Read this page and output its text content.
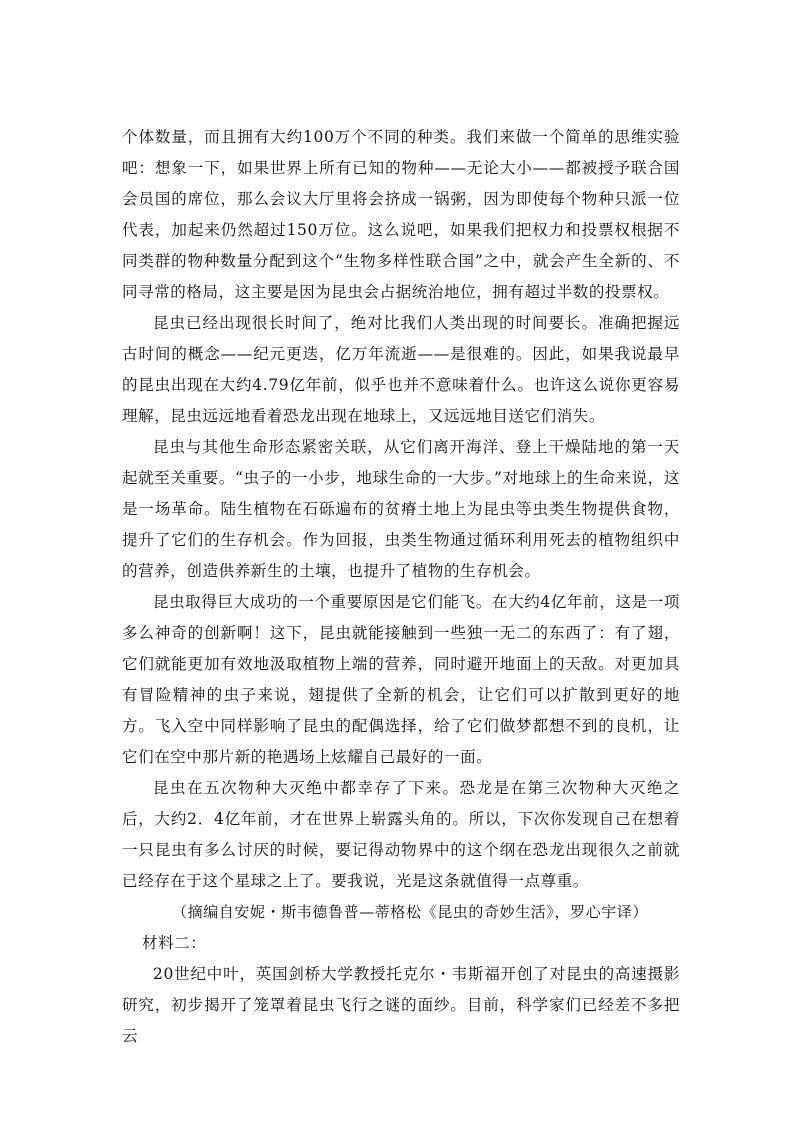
个体数量，而且拥有大约100万个不同的种类。我们来做一个简单的思维实验吧：想象一下，如果世界上所有已知的物种——无论大小——都被授予联合国会员国的席位，那么会议大厅里将会挤成一锅粥，因为即使每个物种只派一位代表，加起来仍然超过150万位。这么说吧，如果我们把权力和投票权根据不同类群的物种数量分配到这个“生物多样性联合国”之中，就会产生全新的、不同寻常的格局，这主要是因为昆虫会占据统治地位，拥有超过半数的投票权。

昆虫已经出现很长时间了，绝对比我们人类出现的时间要长。准确把握远古时间的概念——纪元更迭，亿万年流逝——是很难的。因此，如果我说最早的昆虫出现在大约4.79亿年前，似乎也并不意味着什么。也许这么说你更容易理解，昆虫远远地看着恐龙出现在地球上，又远远地目送它们消失。

昆虫与其他生命形态紧密关联，从它们离开海洋、登上干燥陆地的第一天起就至关重要。“虫子的一小步，地球生命的一大步。”对地球上的生命来说，这是一场革命。陆生植物在石砾遍布的贫瘠土地上为昆虫等虫类生物提供食物，提升了它们的生存机会。作为回报，虫类生物通过循环利用死去的植物组织中的营养，创造供养新生的土壤，也提升了植物的生存机会。

昆虫取得巨大成功的一个重要原因是它们能飞。在大约4亿年前，这是一项多么神奇的创新啊！这下，昆虫就能接触到一些独一无二的东西了：有了翅，它们就能更加有效地汲取植物上端的营养，同时避开地面上的天敌。对更加具有冒险精神的虫子来说，翅提供了全新的机会，让它们可以扩散到更好的地方。飞入空中同样影响了昆虫的配偶选择，给了它们做梦都想不到的良机，让它们在空中那片新的艳遇场上炫耀自己最好的一面。

昆虫在五次物种大灭绝中都幸存了下来。恐龙是在第三次物种大灭绝之后，大约2．4亿年前，才在世界上崭露头角的。所以，下次你发现自己在想着一只昆虫有多么讨厌的时候，要记得动物界中的这个纲在恐龙出现很久之前就已经存在于这个星球之上了。要我说，光是这条就值得一点尊重。

（摘编自安妮・斯韦德鲁普—蒂格松《昆虫的奇妙生活》，罗心宇译）

材料二：

20世纪中叶，英国剑桥大学教授托克尔・韦斯福开创了对昆虫的高速摄影研究，初步揭开了笼罩着昆虫飞行之谜的面纱。目前，科学家们已经差不多把云
